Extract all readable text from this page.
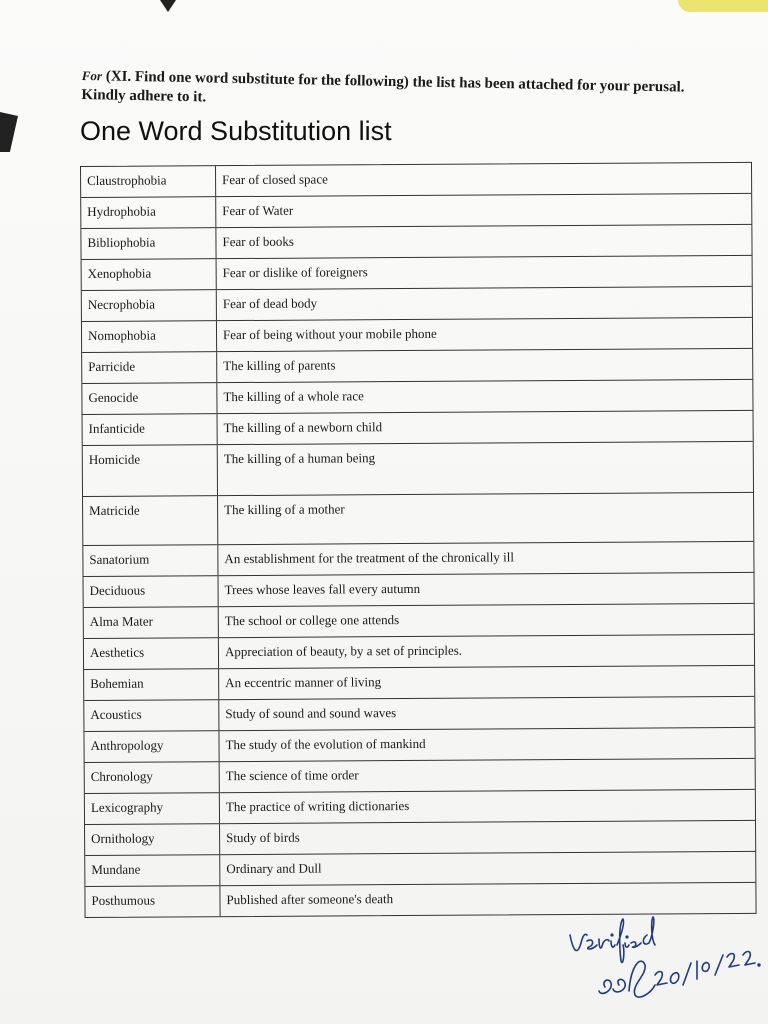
For (XI. Find one word substitute for the following) the list has been attached for your perusal. Kindly adhere to it.
One Word Substitution list
Claustrophobia	Fear of closed space
Hydrophobia	Fear of Water
Bibliophobia	Fear of books
Xenophobia	Fear or dislike of foreigners
Necrophobia	Fear of dead body
Nomophobia	Fear of being without your mobile phone
Parricide	The killing of parents
Genocide	The killing of a whole race
Infanticide	The killing of a newborn child
Homicide	The killing of a human being
Matricide	The killing of a mother
Sanatorium	An establishment for the treatment of the chronically ill
Deciduous	Trees whose leaves fall every autumn
Alma Mater	The school or college one attends
Aesthetics	Appreciation of beauty, by a set of principles.
Bohemian	An eccentric manner of living
Acoustics	Study of sound and sound waves
Anthropology	The study of the evolution of mankind
Chronology	The science of time order
Lexicography	The practice of writing dictionaries
Ornithology	Study of birds
Mundane	Ordinary and Dull
Posthumous	Published after someone's death
